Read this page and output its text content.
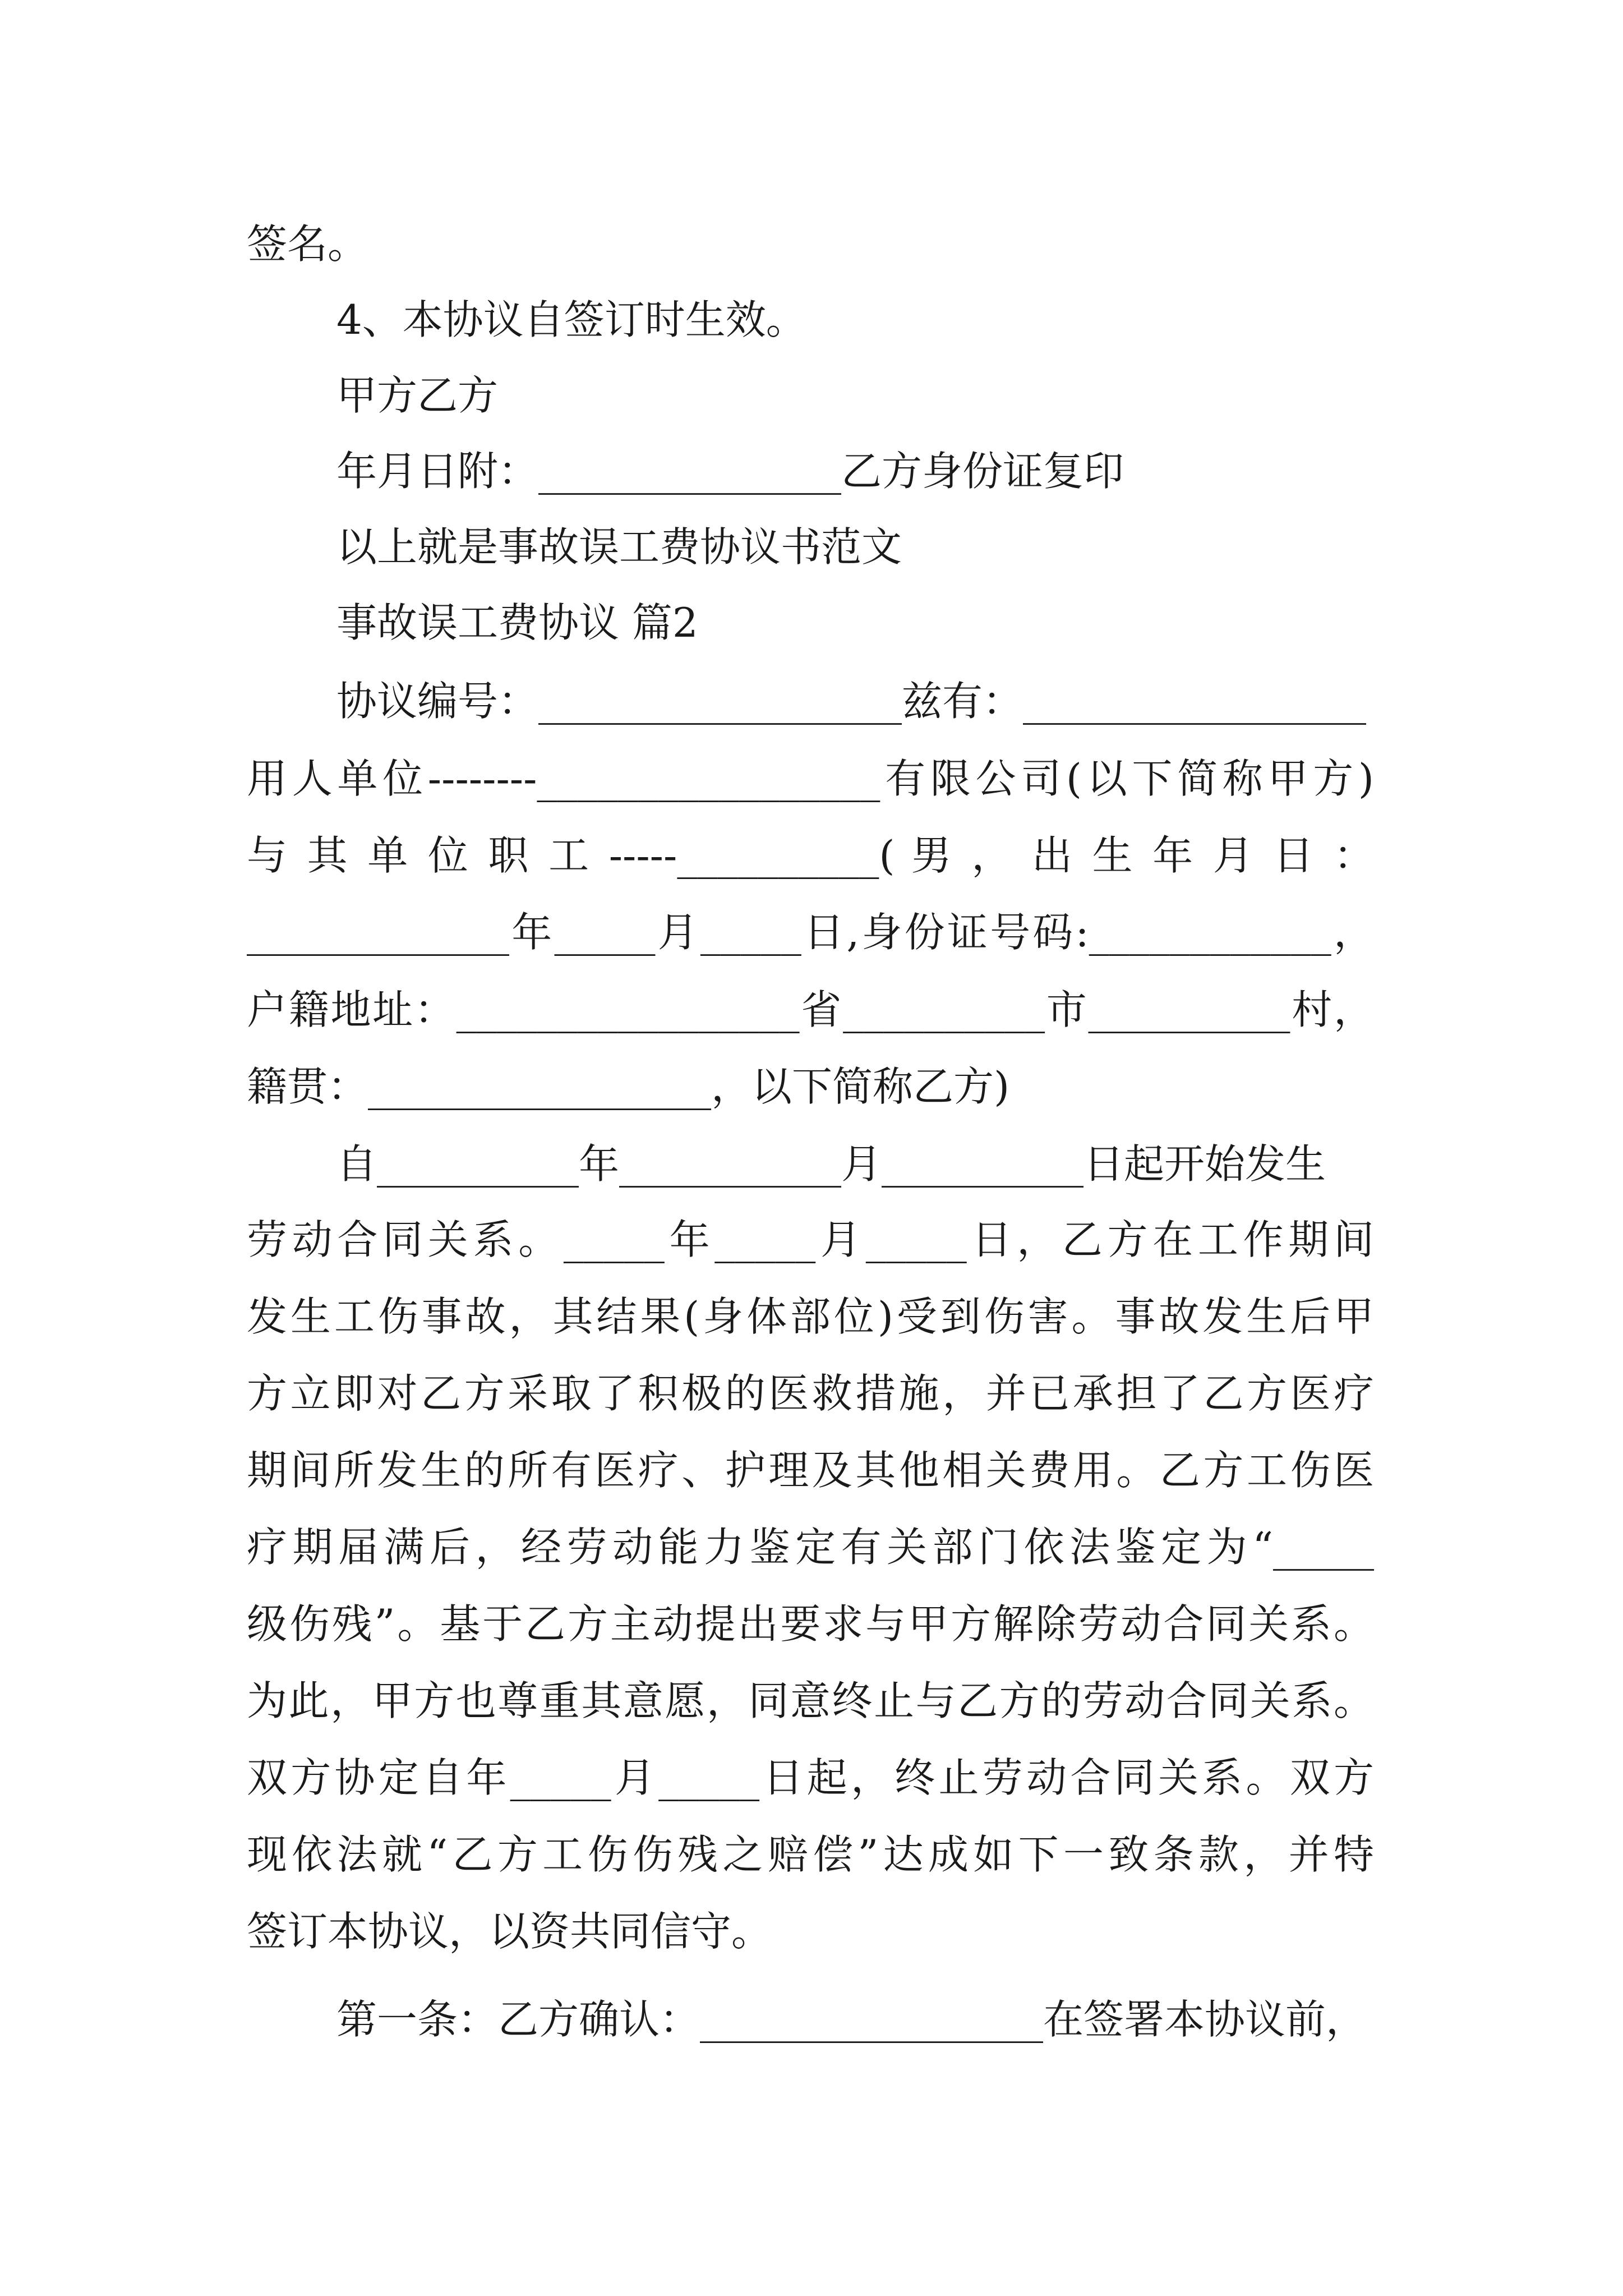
签名。
4、本协议自签订时生效。
甲方乙方
年月日附：_______________乙方身份证复印
以上就是事故误工费协议书范文
事故误工费协议 篇2
协议编号：__________________兹有：_________________
用人单位--------_________________有限公司(以下简称甲方)
与 其 单 位 职 工 -----__________( 男 ， 出 生 年 月 日 ：
_____________年_____月_____日,身份证号码:____________，
户籍地址：_________________省__________市__________村，
籍贯：_________________，以下简称乙方)
自__________年___________月__________日起开始发生
劳动合同关系。_____年_____月_____日，乙方在工作期间
发生工伤事故，其结果(身体部位)受到伤害。事故发生后甲
方立即对乙方采取了积极的医救措施，并已承担了乙方医疗
期间所发生的所有医疗、护理及其他相关费用。乙方工伤医
疗期届满后，经劳动能力鉴定有关部门依法鉴定为“_____
级伤残”。基于乙方主动提出要求与甲方解除劳动合同关系。
为此，甲方也尊重其意愿，同意终止与乙方的劳动合同关系。
双方协定自年_____月_____日起，终止劳动合同关系。双方
现依法就“乙方工伤伤残之赔偿”达成如下一致条款，并特
签订本协议，以资共同信守。
第一条：乙方确认：_________________在签署本协议前，
